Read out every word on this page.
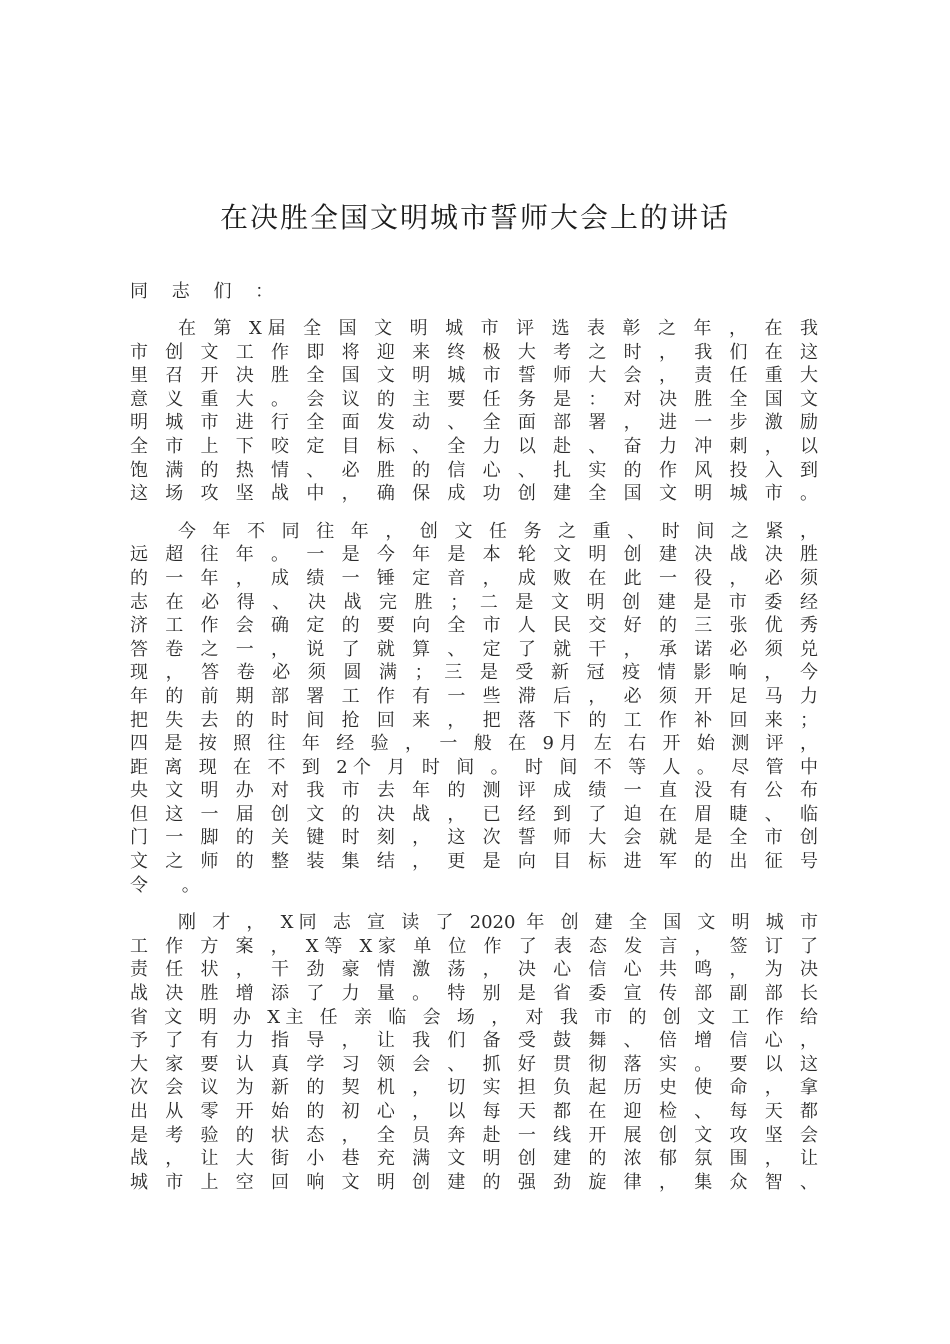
在决胜全国文明城市誓师大会上的讲话

同 志 们 ：

在 第 X届 全 国 文 明 城 市 评 选 表 彰 之 年 ， 在 我
市 创 文 工 作 即 将 迎 来 终 极 大 考 之 时 ， 我 们 在 这
里 召 开 决 胜 全 国 文 明 城 市 誓 师 大 会 ， 责 任 重 大
意 义 重 大 。 会 议 的 主 要 任 务 是 ： 对 决 胜 全 国 文
明 城 市 进 行 全 面 发 动 、 全 面 部 署 ， 进 一 步 激 励
全 市 上 下 咬 定 目 标 、 全 力 以 赴 、 奋 力 冲 刺 ， 以
饱 满 的 热 情 、 必 胜 的 信 心 、 扎 实 的 作 风 投 入 到
这 场 攻 坚 战 中 ， 确 保 成 功 创 建 全 国 文 明 城 市 。
今 年 不 同 往 年 ， 创 文 任 务 之 重 、 时 间 之 紧 ，
远 超 往 年 。 一 是 今 年 是 本 轮 文 明 创 建 决 战 决 胜
的 一 年 ， 成 绩 一 锤 定 音 ， 成 败 在 此 一 役 ， 必 须
志 在 必 得 、 决 战 完 胜 ； 二 是 文 明 创 建 是 市 委 经
济 工 作 会 确 定 的 要 向 全 市 人 民 交 好 的 三 张 优 秀
答 卷 之 一 ， 说 了 就 算 、 定 了 就 干 ， 承 诺 必 须 兑
现 ， 答 卷 必 须 圆 满 ； 三 是 受 新 冠 疫 情 影 响 ， 今
年 的 前 期 部 署 工 作 有 一 些 滞 后 ， 必 须 开 足 马 力
把 失 去 的 时 间 抢 回 来 ， 把 落 下 的 工 作 补 回 来 ；
四 是 按 照 往 年 经 验 ， 一 般 在 9月 左 右 开 始 测 评 ，
距 离 现 在 不 到 2个 月 时 间 。 时 间 不 等 人 。 尽 管 中
央 文 明 办 对 我 市 去 年 的 测 评 成 绩 一 直 没 有 公 布
但 这 一 届 创 文 的 决 战 ， 已 经 到 了 迫 在 眉 睫 、 临
门 一 脚 的 关 键 时 刻 ， 这 次 誓 师 大 会 就 是 全 市 创
文 之 师 的 整 装 集 结 ， 更 是 向 目 标 进 军 的 出 征 号
令 。
刚 才 ， X同 志 宣 读 了 2020 年 创 建 全 国 文 明 城 市
工 作 方 案 ， X等 X家 单 位 作 了 表 态 发 言 ， 签 订 了
责 任 状 ， 干 劲 豪 情 激 荡 ， 决 心 信 心 共 鸣 ， 为 决
战 决 胜 增 添 了 力 量 。 特 别 是 省 委 宣 传 部 副 部 长
省 文 明 办 X主 任 亲 临 会 场 ， 对 我 市 的 创 文 工 作 给
予 了 有 力 指 导 ， 让 我 们 备 受 鼓 舞 、 倍 增 信 心 ，
大 家 要 认 真 学 习 领 会 、 抓 好 贯 彻 落 实 。 要 以 这
次 会 议 为 新 的 契 机 ， 切 实 担 负 起 历 史 使 命 ， 拿
出 从 零 开 始 的 初 心 ， 以 每 天 都 在 迎 检 、 每 天 都
是 考 验 的 状 态 ， 全 员 奔 赴 一 线 开 展 创 文 攻 坚 会
战 ， 让 大 街 小 巷 充 满 文 明 创 建 的 浓 郁 氛 围 ， 让
城 市 上 空 回 响 文 明 创 建 的 强 劲 旋 律 ， 集 众 智 、
